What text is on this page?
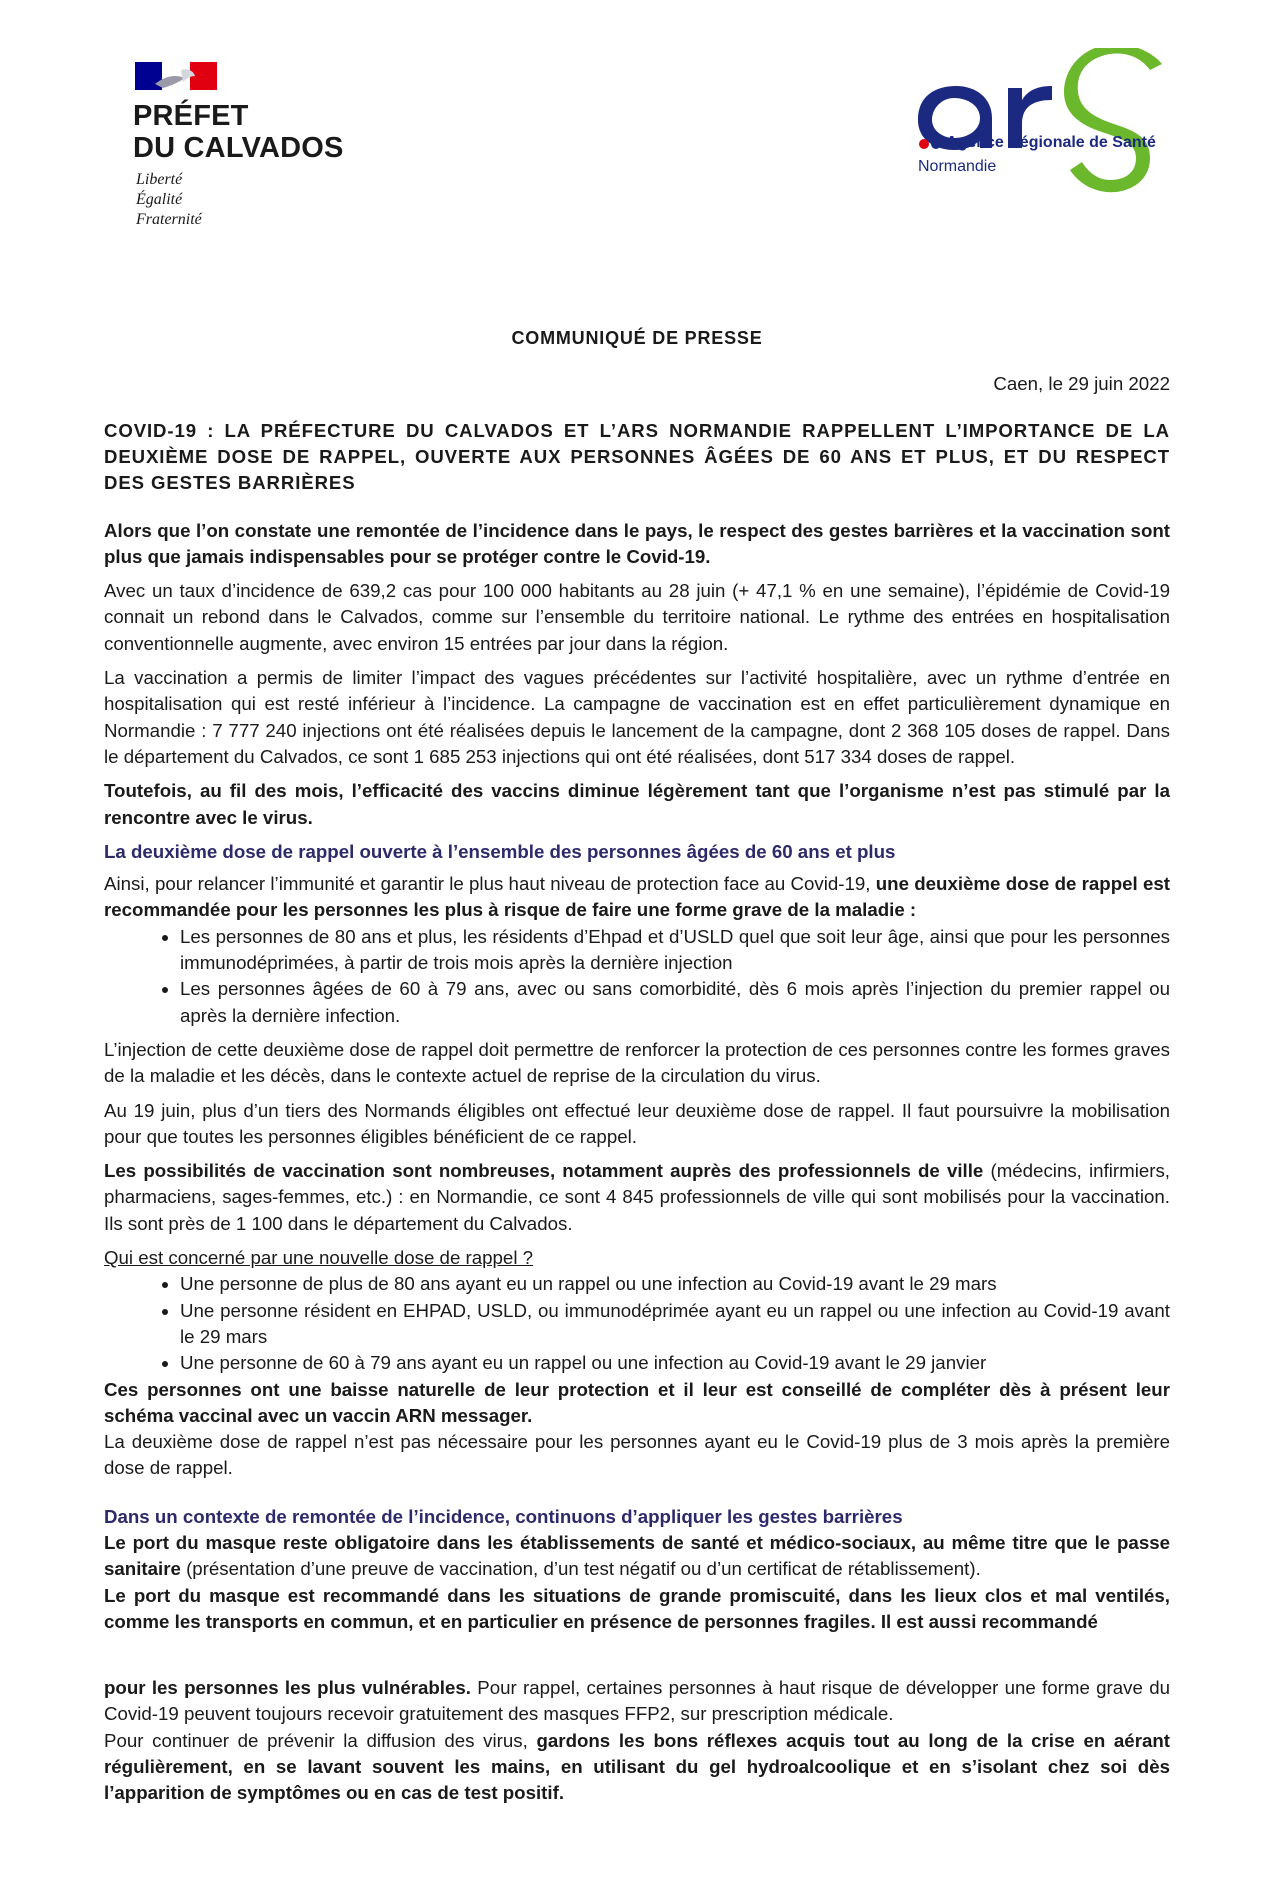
PRÉFET
DU CALVADOS
Liberté
Égalité
Fraternité
Agence Régionale de Santé
Normandie
COMMUNIQUÉ DE PRESSE
Caen, le 29 juin 2022
COVID-19 : LA PRÉFECTURE DU CALVADOS ET L’ARS NORMANDIE RAPPELLENT L’IMPORTANCE DE LA DEUXIÈME DOSE DE RAPPEL, OUVERTE AUX PERSONNES ÂGÉES DE 60 ANS ET PLUS, ET DU RESPECT DES GESTES BARRIÈRES

Alors que l’on constate une remontée de l’incidence dans le pays, le respect des gestes barrières et la vaccination sont plus que jamais indispensables pour se protéger contre le Covid-19.

Avec un taux d’incidence de 639,2 cas pour 100 000 habitants au 28 juin (+ 47,1 % en une semaine), l’épidémie de Covid-19 connait un rebond dans le Calvados, comme sur l’ensemble du territoire national. Le rythme des entrées en hospitalisation conventionnelle augmente, avec environ 15 entrées par jour dans la région.

La vaccination a permis de limiter l’impact des vagues précédentes sur l’activité hospitalière, avec un rythme d’entrée en hospitalisation qui est resté inférieur à l’incidence. La campagne de vaccination est en effet particulièrement dynamique en Normandie : 7 777 240 injections ont été réalisées depuis le lancement de la campagne, dont 2 368 105 doses de rappel. Dans le département du Calvados, ce sont 1 685 253 injections qui ont été réalisées, dont 517 334 doses de rappel.

Toutefois, au fil des mois, l’efficacité des vaccins diminue légèrement tant que l’organisme n’est pas stimulé par la rencontre avec le virus.

La deuxième dose de rappel ouverte à l’ensemble des personnes âgées de 60 ans et plus

Ainsi, pour relancer l’immunité et garantir le plus haut niveau de protection face au Covid-19, une deuxième dose de rappel est recommandée pour les personnes les plus à risque de faire une forme grave de la maladie :

• Les personnes de 80 ans et plus, les résidents d’Ehpad et d’USLD quel que soit leur âge, ainsi que pour les personnes immunodéprimées, à partir de trois mois après la dernière injection
• Les personnes âgées de 60 à 79 ans, avec ou sans comorbidité, dès 6 mois après l’injection du premier rappel ou après la dernière infection.

L’injection de cette deuxième dose de rappel doit permettre de renforcer la protection de ces personnes contre les formes graves de la maladie et les décès, dans le contexte actuel de reprise de la circulation du virus.

Au 19 juin, plus d’un tiers des Normands éligibles ont effectué leur deuxième dose de rappel. Il faut poursuivre la mobilisation pour que toutes les personnes éligibles bénéficient de ce rappel.

Les possibilités de vaccination sont nombreuses, notamment auprès des professionnels de ville (médecins, infirmiers, pharmaciens, sages-femmes, etc.) : en Normandie, ce sont 4 845 professionnels de ville qui sont mobilisés pour la vaccination. Ils sont près de 1 100 dans le département du Calvados.

Qui est concerné par une nouvelle dose de rappel ?

• Une personne de plus de 80 ans ayant eu un rappel ou une infection au Covid-19 avant le 29 mars
• Une personne résident en EHPAD, USLD, ou immunodéprimée ayant eu un rappel ou une infection au Covid-19 avant le 29 mars
• Une personne de 60 à 79 ans ayant eu un rappel ou une infection au Covid-19 avant le 29 janvier

Ces personnes ont une baisse naturelle de leur protection et il leur est conseillé de compléter dès à présent leur schéma vaccinal avec un vaccin ARN messager.

La deuxième dose de rappel n’est pas nécessaire pour les personnes ayant eu le Covid-19 plus de 3 mois après la première dose de rappel.

Dans un contexte de remontée de l’incidence, continuons d’appliquer les gestes barrières

Le port du masque reste obligatoire dans les établissements de santé et médico-sociaux, au même titre que le passe sanitaire (présentation d’une preuve de vaccination, d’un test négatif ou d’un certificat de rétablissement).

Le port du masque est recommandé dans les situations de grande promiscuité, dans les lieux clos et mal ventilés, comme les transports en commun, et en particulier en présence de personnes fragiles. Il est aussi recommandé

pour les personnes les plus vulnérables. Pour rappel, certaines personnes à haut risque de développer une forme grave du Covid-19 peuvent toujours recevoir gratuitement des masques FFP2, sur prescription médicale.

Pour continuer de prévenir la diffusion des virus, gardons les bons réflexes acquis tout au long de la crise en aérant régulièrement, en se lavant souvent les mains, en utilisant du gel hydroalcoolique et en s’isolant chez soi dès l’apparition de symptômes ou en cas de test positif.
